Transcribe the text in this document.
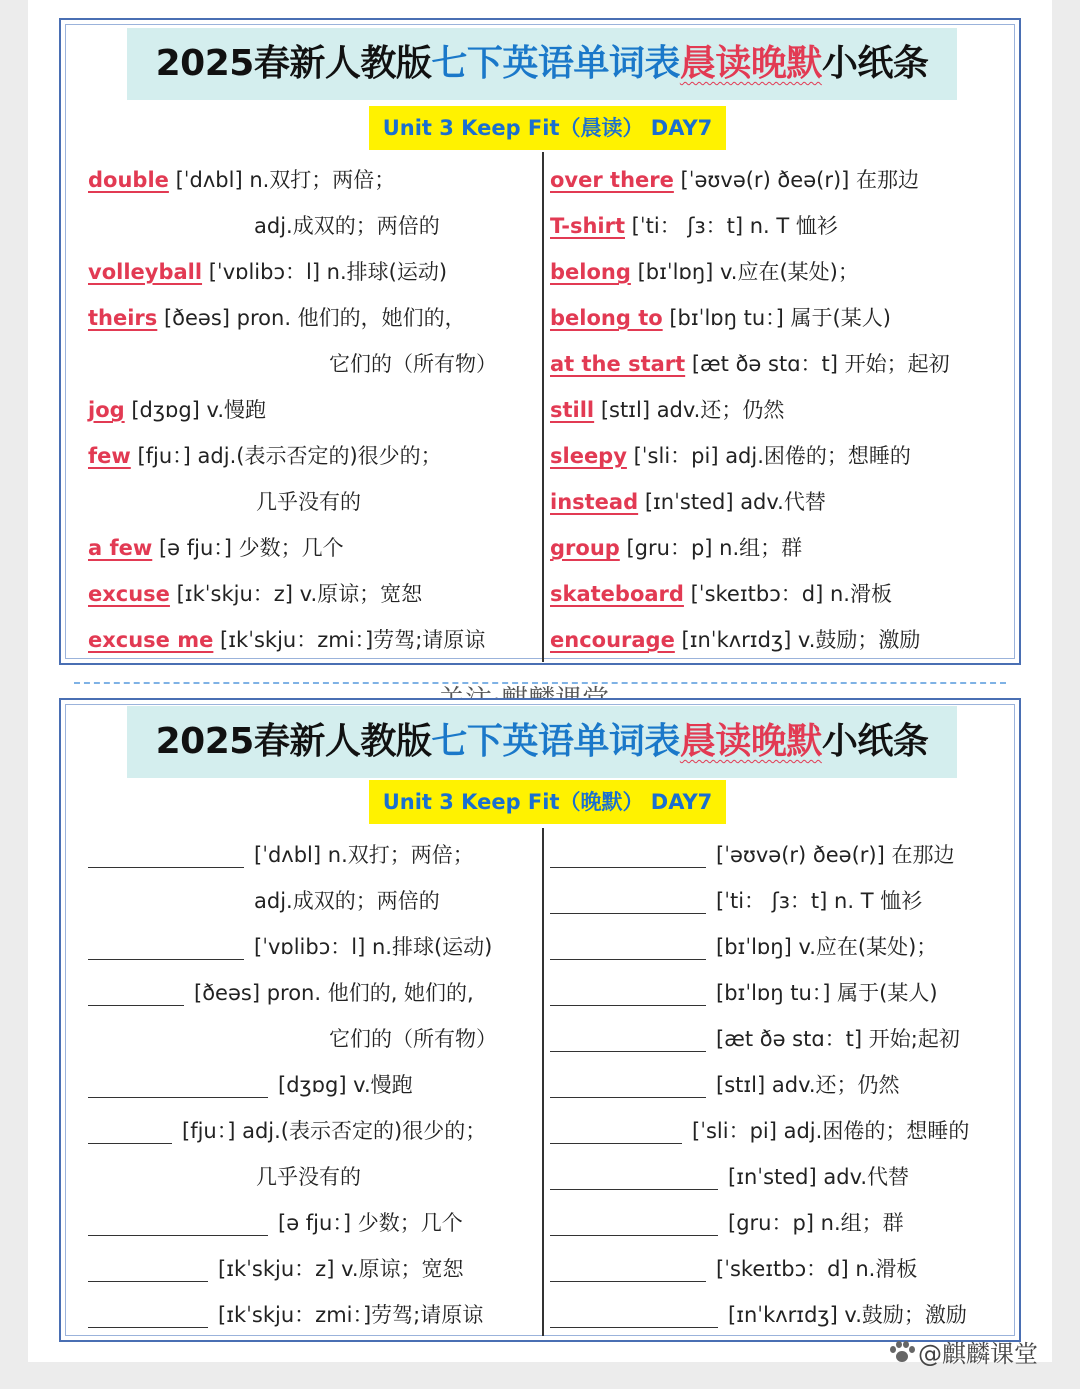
2025春新人教版七下英语单词表晨读晚默小纸条
Unit 3 Keep Fit（晨读） DAY7
double [ˈdʌbl] n.双打；两倍；
adj.成双的；两倍的
volleyball [ˈvɒlibɔ：l] n.排球(运动)
theirs [ðeəs] pron. 他们的，她们的，
它们的（所有物）
jog [dʒɒg] v.慢跑
few [fju：] adj.(表示否定的)很少的；
几乎没有的
a few [ə fju：] 少数；几个
excuse [ɪkˈskju：z] v.原谅；宽恕
excuse me [ɪkˈskju：zmi：]劳驾;请原谅
over there [ˈəʊvə(r) ðeə(r)] 在那边
T-shirt [ˈti： ʃɜ：t] n. T 恤衫
belong [bɪˈlɒŋ] v.应在(某处)；
belong to [bɪˈlɒŋ tu：] 属于(某人)
at the start [æt ðə stɑ：t] 开始；起初
still [stɪl] adv.还；仍然
sleepy [ˈsli：pi] adj.困倦的；想睡的
instead [ɪnˈsted] adv.代替
group [gru：p] n.组；群
skateboard [ˈskeɪtbɔ：d] n.滑板
encourage [ɪnˈkʌrɪdʒ] v.鼓励；激励
2025春新人教版七下英语单词表晨读晚默小纸条
Unit 3 Keep Fit（晚默） DAY7
[ˈdʌbl] n.双打；两倍；
adj.成双的；两倍的
[ˈvɒlibɔ：l] n.排球(运动)
[ðeəs] pron. 他们的, 她们的,
它们的（所有物）
[dʒɒg] v.慢跑
[fju：] adj.(表示否定的)很少的；
几乎没有的
[ə fju：] 少数；几个
[ɪkˈskju：z] v.原谅；宽恕
[ɪkˈskju：zmi：]劳驾;请原谅
[ˈəʊvə(r) ðeə(r)] 在那边
[ˈti： ʃɜ：t] n. T 恤衫
[bɪˈlɒŋ] v.应在(某处)；
[bɪˈlɒŋ tu：] 属于(某人)
[æt ðə stɑ：t] 开始;起初
[stɪl] adv.还；仍然
[ˈsli：pi] adj.困倦的；想睡的
[ɪnˈsted] adv.代替
[gru：p] n.组；群
[ˈskeɪtbɔ：d] n.滑板
[ɪnˈkʌrɪdʒ] v.鼓励；激励
@麒麟课堂
